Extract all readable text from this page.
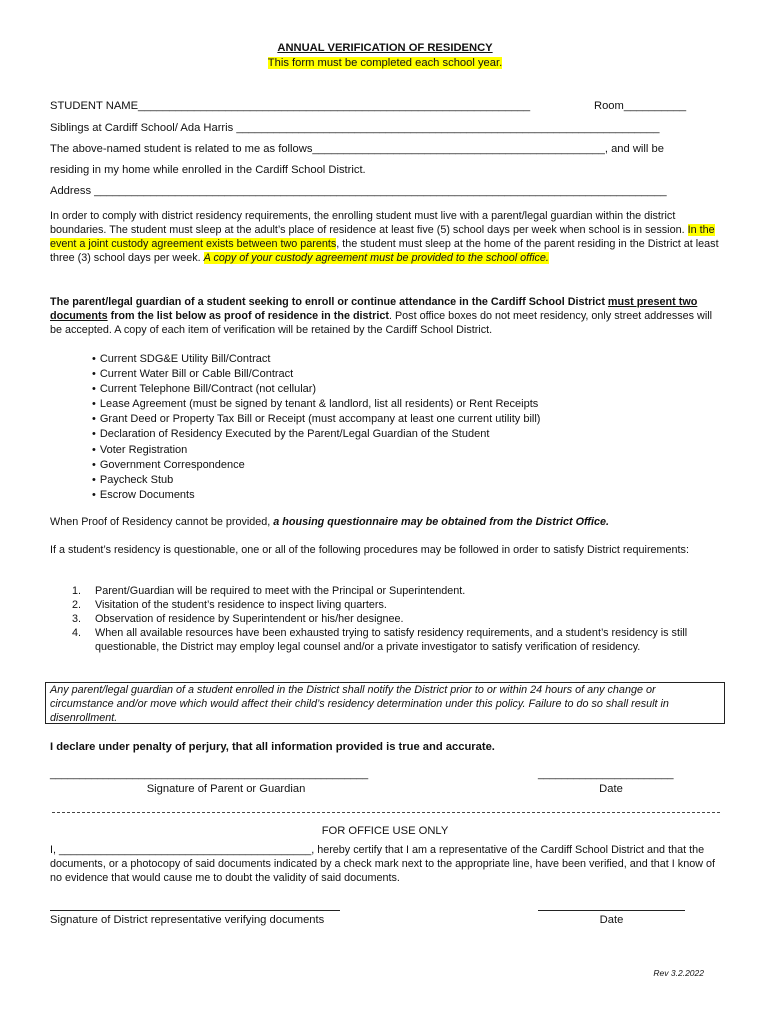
ANNUAL VERIFICATION OF RESIDENCY
This form must be completed each school year.
STUDENT NAME_______________________________________________________________	Room__________
Siblings at Cardiff School/ Ada Harris ____________________________________________________________________
The above-named student is related to me as follows_______________________________________________, and will be
residing in my home while enrolled in the Cardiff School District.
Address ____________________________________________________________________________________________
In order to comply with district residency requirements, the enrolling student must live with a parent/legal guardian within the district boundaries. The student must sleep at the adult’s place of residence at least five (5) school days per week when school is in session. In the event a joint custody agreement exists between two parents, the student must sleep at the home of the parent residing in the District at least three (3) school days per week. A copy of your custody agreement must be provided to the school office.
The parent/legal guardian of a student seeking to enroll or continue attendance in the Cardiff School District must present two documents from the list below as proof of residence in the district. Post office boxes do not meet residency, only street addresses will be accepted. A copy of each item of verification will be retained by the Cardiff School District.
• Current SDG&E Utility Bill/Contract
• Current Water Bill or Cable Bill/Contract
• Current Telephone Bill/Contract (not cellular)
• Lease Agreement (must be signed by tenant & landlord, list all residents) or Rent Receipts
• Grant Deed or Property Tax Bill or Receipt (must accompany at least one current utility bill)
• Declaration of Residency Executed by the Parent/Legal Guardian of the Student
• Voter Registration
• Government Correspondence
• Paycheck Stub
• Escrow Documents
When Proof of Residency cannot be provided, a housing questionnaire may be obtained from the District Office.
If a student’s residency is questionable, one or all of the following procedures may be followed in order to satisfy District requirements:
1.	Parent/Guardian will be required to meet with the Principal or Superintendent.
2.	Visitation of the student’s residence to inspect living quarters.
3.	Observation of residence by Superintendent or his/her designee.
4.	When all available resources have been exhausted trying to satisfy residency requirements, and a student’s residency is still questionable, the District may employ legal counsel and/or a private investigator to satisfy verification of residency.
Any parent/legal guardian of a student enrolled in the District shall notify the District prior to or within 24 hours of any change or circumstance and/or move which would affect their child’s residency determination under this policy. Failure to do so shall result in disenrollment.
I declare under penalty of perjury, that all information provided is true and accurate.
______________________________________________________
Signature of Parent or Guardian
_______________________
Date
FOR OFFICE USE ONLY
I, __________________________________________, hereby certify that I am a representative of the Cardiff School District and that the documents, or a photocopy of said documents indicated by a check mark next to the appropriate line, have been verified, and that I know of no evidence that would cause me to doubt the validity of said documents.
Signature of District representative verifying documents	Date
Rev 3.2.2022
